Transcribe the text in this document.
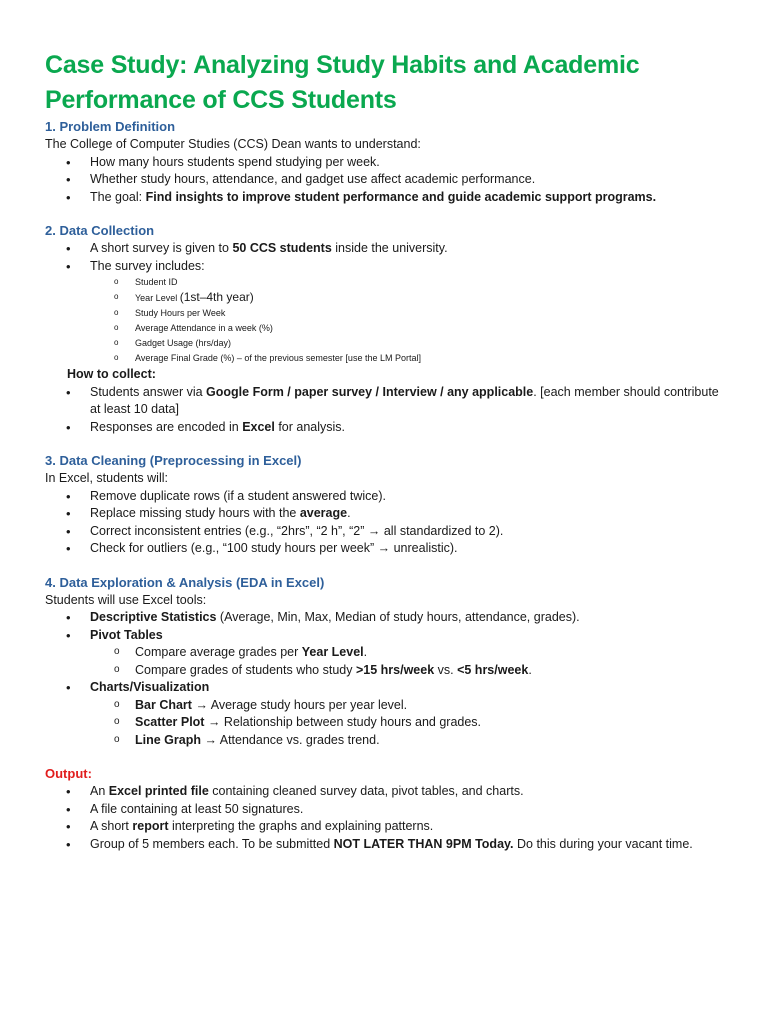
Case Study: Analyzing Study Habits and Academic
Performance of CCS Students
1. Problem Definition

The College of Computer Studies (CCS) Dean wants to understand:

• How many hours students spend studying per week.
• Whether study hours, attendance, and gadget use affect academic performance.
• The goal: Find insights to improve student performance and guide academic support programs.
2. Data Collection
• A short survey is given to 50 CCS students inside the university.
• The survey includes:
o Student ID
o Year Level (1st–4th year)
o Study Hours per Week
o Average Attendance in a week (%)
o Gadget Usage (hrs/day)
o Average Final Grade (%) – of the previous semester [use the LM Portal]

How to collect:

• Students answer via Google Form / paper survey / Interview / any applicable. [each member should contribute
at least 10 data]
• Responses are encoded in Excel for analysis.
3. Data Cleaning (Preprocessing in Excel)

In Excel, students will:

• Remove duplicate rows (if a student answered twice).
• Replace missing study hours with the average.
• Correct inconsistent entries (e.g., “2hrs”, “2 h”, “2” → all standardized to 2).
• Check for outliers (e.g., “100 study hours per week” → unrealistic).
4. Data Exploration & Analysis (EDA in Excel)

Students will use Excel tools:

• Descriptive Statistics (Average, Min, Max, Median of study hours, attendance, grades).
• Pivot Tables
o Compare average grades per Year Level.
o Compare grades of students who study >15 hrs/week vs. <5 hrs/week.
• Charts/Visualization
o Bar Chart → Average study hours per year level.
o Scatter Plot → Relationship between study hours and grades.
o Line Graph → Attendance vs. grades trend.
Output:
• An Excel printed file containing cleaned survey data, pivot tables, and charts.
• A file containing at least 50 signatures.
• A short report interpreting the graphs and explaining patterns.
• Group of 5 members each. To be submitted NOT LATER THAN 9PM Today. Do this during your vacant time.
